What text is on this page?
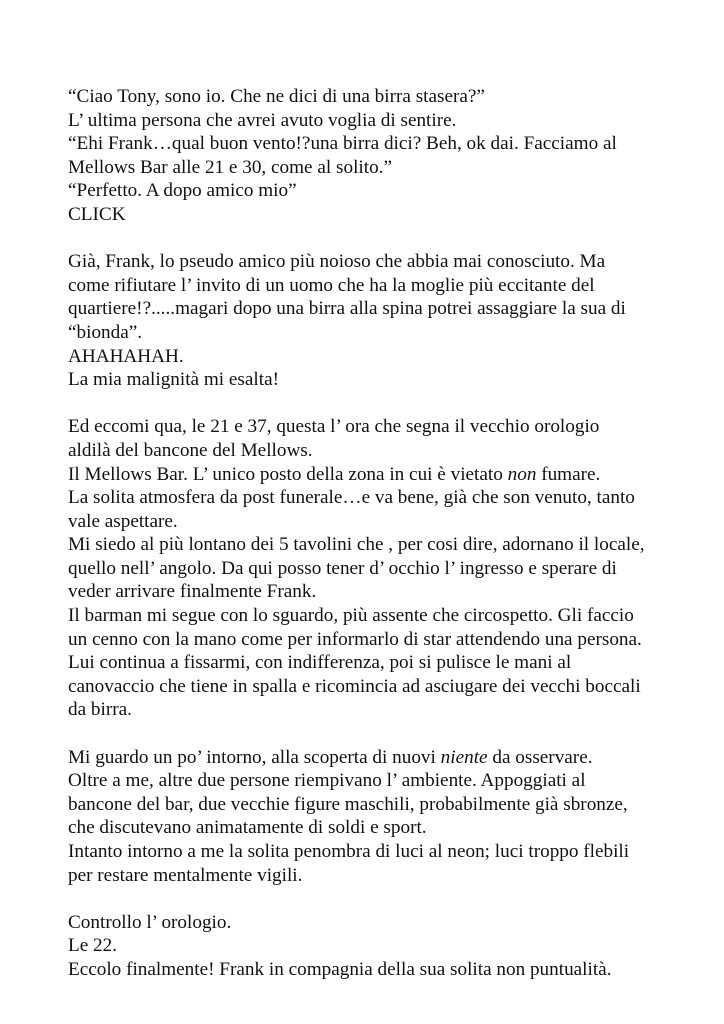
“Ciao Tony, sono io. Che ne dici di una birra stasera?”
L’ ultima persona che avrei avuto voglia di sentire.
“Ehi Frank…qual buon vento!?una birra dici? Beh, ok dai. Facciamo al
Mellows Bar alle 21 e 30, come al solito.”
“Perfetto. A dopo amico mio”
CLICK
Già, Frank, lo pseudo amico più noioso che abbia mai conosciuto. Ma
come rifiutare l’ invito di un uomo che ha la moglie più eccitante del
quartiere!?.....magari dopo una birra alla spina potrei assaggiare la sua di
“bionda”.
AHAHAHAH.
La mia malignità mi esalta!
Ed eccomi qua, le 21 e 37, questa l’ ora che segna il vecchio orologio
aldilà del bancone del Mellows.
Il Mellows Bar. L’ unico posto della zona in cui è vietato non fumare.
La solita atmosfera da post funerale…e va bene, già che son venuto, tanto
vale aspettare.
Mi siedo al più lontano dei 5 tavolini che , per cosi dire, adornano il locale,
quello nell’ angolo. Da qui posso tener d’ occhio l’ ingresso e sperare di
veder arrivare finalmente Frank.
Il barman mi segue con lo sguardo, più assente che circospetto. Gli faccio
un cenno con la mano come per informarlo di star attendendo una persona.
Lui continua a fissarmi, con indifferenza, poi si pulisce le mani al
canovaccio che tiene in spalla e ricomincia ad asciugare dei vecchi boccali
da birra.
Mi guardo un po’ intorno, alla scoperta di nuovi niente da osservare.
Oltre a me, altre due persone riempivano l’ ambiente. Appoggiati al
bancone del bar, due vecchie figure maschili, probabilmente già sbronze,
che discutevano animatamente di soldi e sport.
Intanto intorno a me la solita penombra di luci al neon; luci troppo flebili
per restare mentalmente vigili.
Controllo l’ orologio.
Le 22.
Eccolo finalmente! Frank in compagnia della sua solita non puntualità.
